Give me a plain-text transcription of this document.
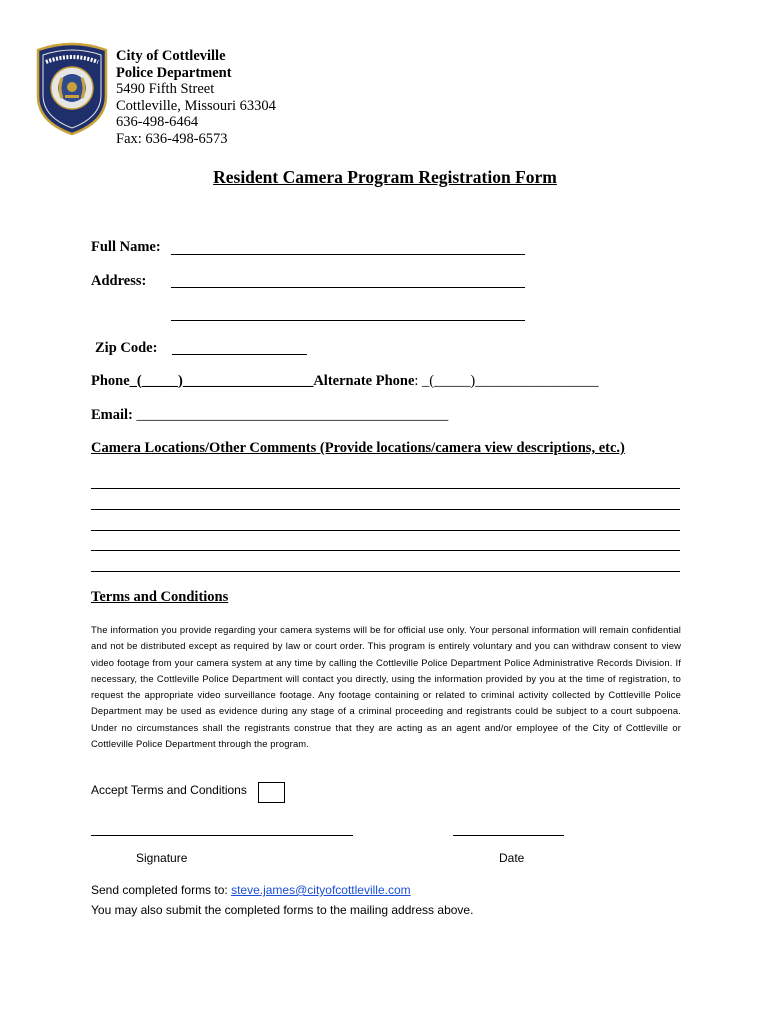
City of Cottleville
Police Department
5490 Fifth Street
Cottleville, Missouri 63304
636-498-6464
Fax: 636-498-6573
Resident Camera Program Registration Form
Full Name:
Address:
Zip Code:
Phone_(_____)__________________Alternate Phone: _(_____)_________________
Email: ___________________________________________
Camera Locations/Other Comments (Provide locations/camera view descriptions, etc.)
Terms and Conditions
The information you provide regarding your camera systems will be for official use only. Your personal information will remain confidential and not be distributed except as required by law or court order. This program is entirely voluntary and you can withdraw consent to view video footage from your camera system at any time by calling the Cottleville Police Department Police Administrative Records Division. If necessary, the Cottleville Police Department will contact you directly, using the information provided by you at the time of registration, to request the appropriate video surveillance footage. Any footage containing or related to criminal activity collected by Cottleville Police Department may be used as evidence during any stage of a criminal proceeding and registrants could be subject to a court subpoena. Under no circumstances shall the registrants construe that they are acting as an agent and/or employee of the City of Cottleville or Cottleville Police Department through the program.
Accept Terms and Conditions
Signature	Date
Send completed forms to: steve.james@cityofcottleville.com
You may also submit the completed forms to the mailing address above.
